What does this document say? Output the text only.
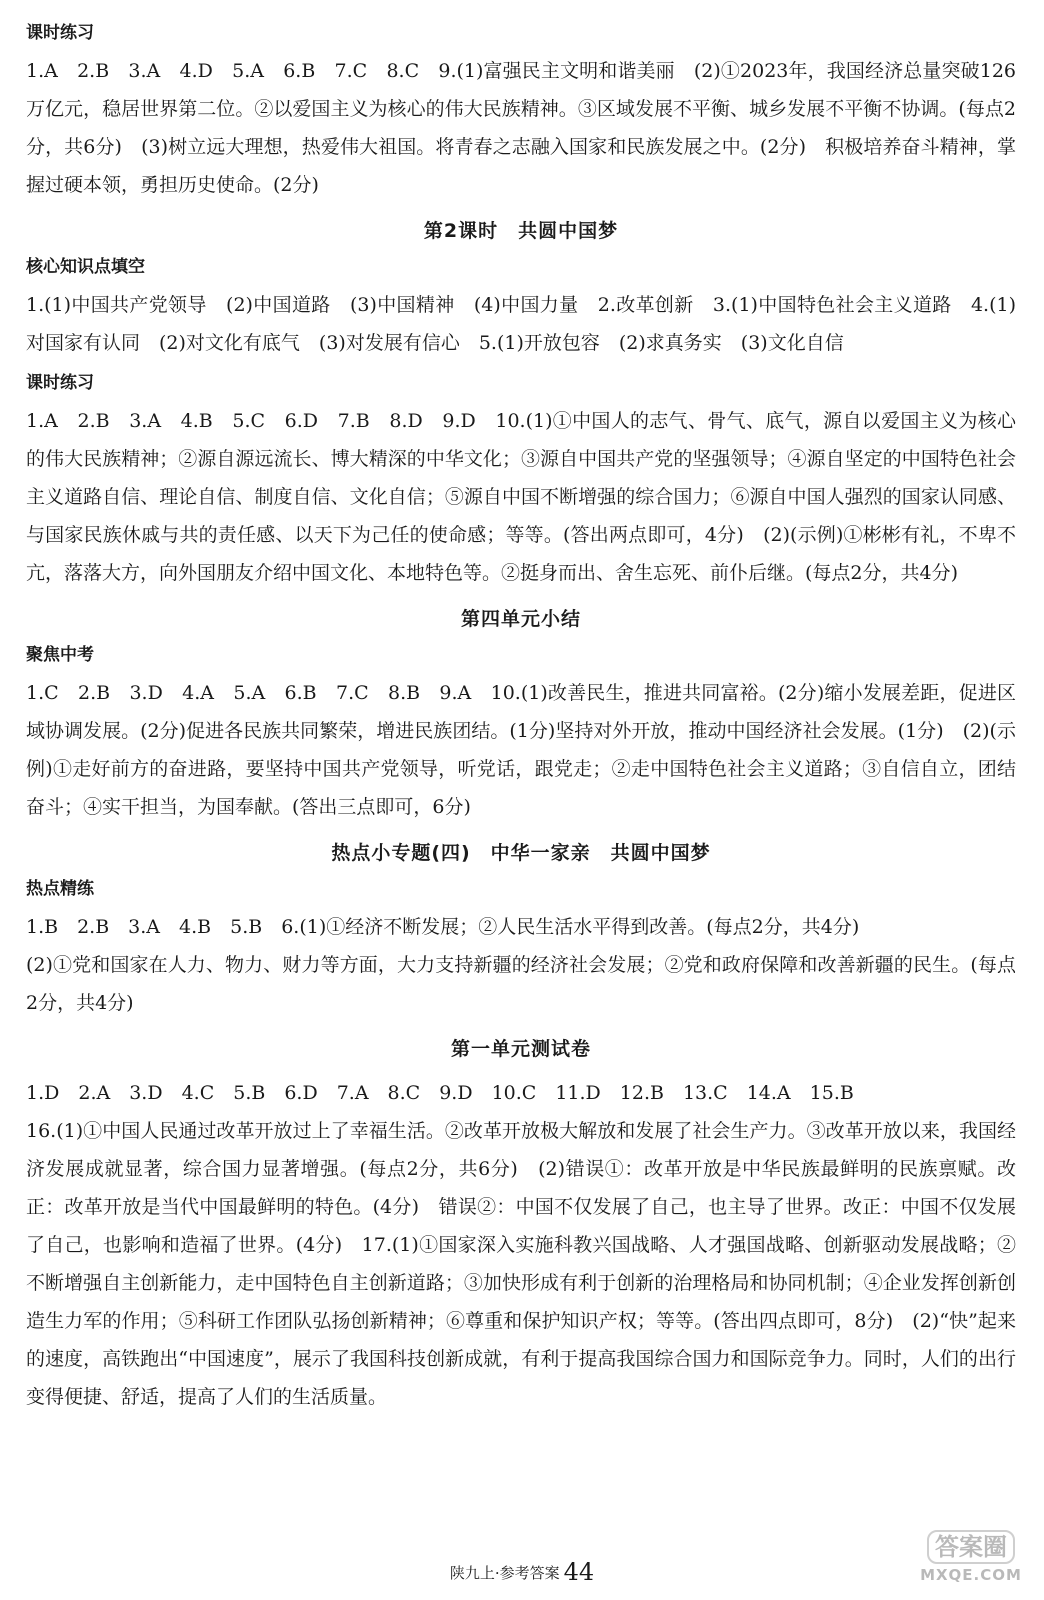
课时练习

1.A　2.B　3.A　4.D　5.A　6.B　7.C　8.C　9.(1)富强民主文明和谐美丽　(2)①2023年，我国经济总量突破126万亿元，稳居世界第二位。②以爱国主义为核心的伟大民族精神。③区域发展不平衡、城乡发展不平衡不协调。(每点2分，共6分)　(3)树立远大理想，热爱伟大祖国。将青春之志融入国家和民族发展之中。(2分)　积极培养奋斗精神，掌握过硬本领，勇担历史使命。(2分)

第2课时　共圆中国梦
核心知识点填空

1.(1)中国共产党领导　(2)中国道路　(3)中国精神　(4)中国力量　2.改革创新　3.(1)中国特色社会主义道路　4.(1)对国家有认同　(2)对文化有底气　(3)对发展有信心　5.(1)开放包容　(2)求真务实　(3)文化自信

课时练习

1.A　2.B　3.A　4.B　5.C　6.D　7.B　8.D　9.D　10.(1)①中国人的志气、骨气、底气，源自以爱国主义为核心的伟大民族精神；②源自源远流长、博大精深的中华文化；③源自中国共产党的坚强领导；④源自坚定的中国特色社会主义道路自信、理论自信、制度自信、文化自信；⑤源自中国不断增强的综合国力；⑥源自中国人强烈的国家认同感、与国家民族休戚与共的责任感、以天下为己任的使命感；等等。(答出两点即可，4分)　(2)(示例)①彬彬有礼，不卑不亢，落落大方，向外国朋友介绍中国文化、本地特色等。②挺身而出、舍生忘死、前仆后继。(每点2分，共4分)

第四单元小结
聚焦中考

1.C　2.B　3.D　4.A　5.A　6.B　7.C　8.B　9.A　10.(1)改善民生，推进共同富裕。(2分)缩小发展差距，促进区域协调发展。(2分)促进各民族共同繁荣，增进民族团结。(1分)坚持对外开放，推动中国经济社会发展。(1分)　(2)(示例)①走好前方的奋进路，要坚持中国共产党领导，听党话，跟党走；②走中国特色社会主义道路；③自信自立，团结奋斗；④实干担当，为国奉献。(答出三点即可，6分)

热点小专题(四)　中华一家亲　共圆中国梦
热点精练

1.B　2.B　3.A　4.B　5.B　6.(1)①经济不断发展；②人民生活水平得到改善。(每点2分，共4分)

(2)①党和国家在人力、物力、财力等方面，大力支持新疆的经济社会发展；②党和政府保障和改善新疆的民生。(每点2分，共4分)

第一单元测试卷

1.D　2.A　3.D　4.C　5.B　6.D　7.A　8.C　9.D　10.C　11.D　12.B　13.C　14.A　15.B

16.(1)①中国人民通过改革开放过上了幸福生活。②改革开放极大解放和发展了社会生产力。③改革开放以来，我国经济发展成就显著，综合国力显著增强。(每点2分，共6分)　(2)错误①：改革开放是中华民族最鲜明的民族禀赋。改正：改革开放是当代中国最鲜明的特色。(4分)　错误②：中国不仅发展了自己，也主导了世界。改正：中国不仅发展了自己，也影响和造福了世界。(4分)　17.(1)①国家深入实施科教兴国战略、人才强国战略、创新驱动发展战略；②不断增强自主创新能力，走中国特色自主创新道路；③加快形成有利于创新的治理格局和协同机制；④企业发挥创新创造生力军的作用；⑤科研工作团队弘扬创新精神；⑥尊重和保护知识产权；等等。(答出四点即可，8分)　(2)“快”起来的速度，高铁跑出“中国速度”，展示了我国科技创新成就，有利于提高我国综合国力和国际竞争力。同时，人们的出行变得便捷、舒适，提高了人们的生活质量。

陕九上·参考答案 44
答案圈
MXQE.COM
